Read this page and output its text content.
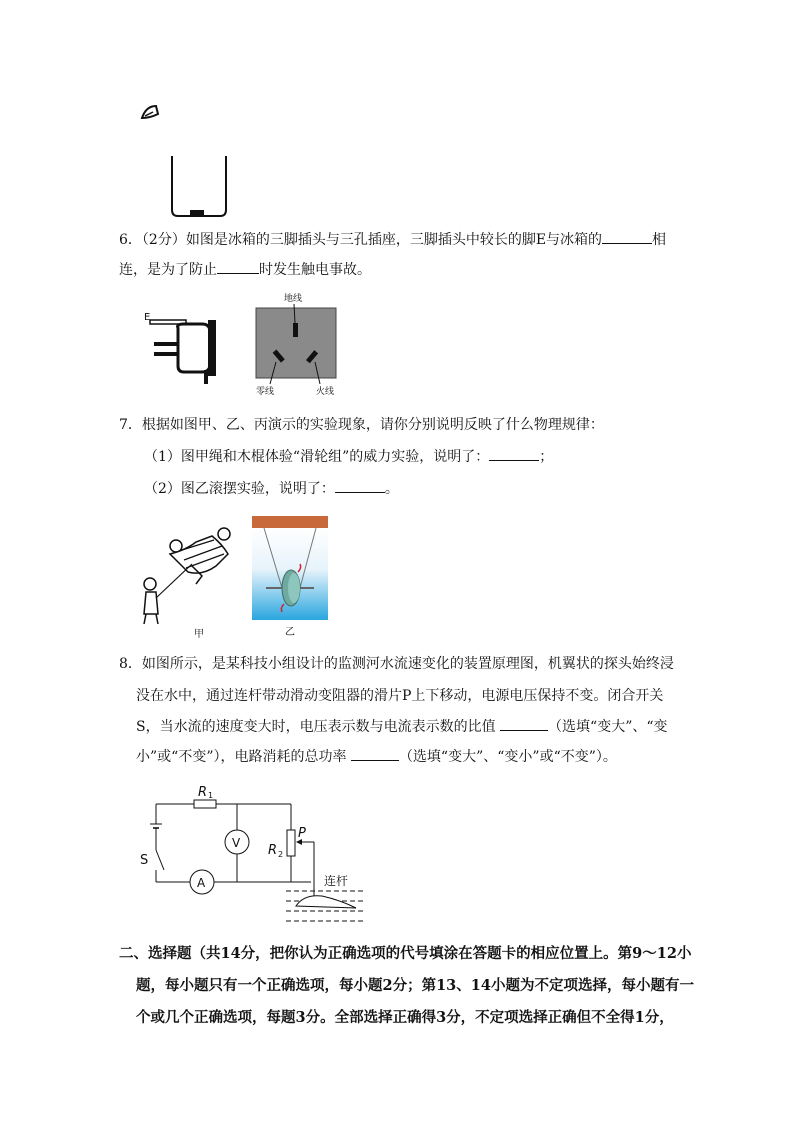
6．（2分）如图是冰箱的三脚插头与三孔插座，三脚插头中较长的脚E与冰箱的	相
连，是为了防止	时发生触电事故。
E
地线
零线	火线
7．根据如图甲、乙、丙演示的实验现象，请你分别说明反映了什么物理规律：
（1）图甲绳和木棍体验“滑轮组”的威力实验，说明了：	；
（2）图乙滚摆实验，说明了：	。
甲	乙
8．如图所示，是某科技小组设计的监测河水流速变化的装置原理图，机翼状的探头始终浸
没在水中，通过连杆带动滑动变阻器的滑片P上下移动，电源电压保持不变。闭合开关
S，当水流的速度变大时，电压表示数与电流表示数的比值	（选填“变大”、“变
小”或“不变”），电路消耗的总功率	（选填“变大”、“变小”或“不变”）。
R 1
S
A
V R 2
P
连杆
二、选择题（共14分，把你认为正确选项的代号填涂在答题卡的相应位置上。第9～12小
题，每小题只有一个正确选项，每小题2分；第13、14小题为不定项选择，每小题有一
个或几个正确选项，每题3分。全部选择正确得3分，不定项选择正确但不全得1分，
